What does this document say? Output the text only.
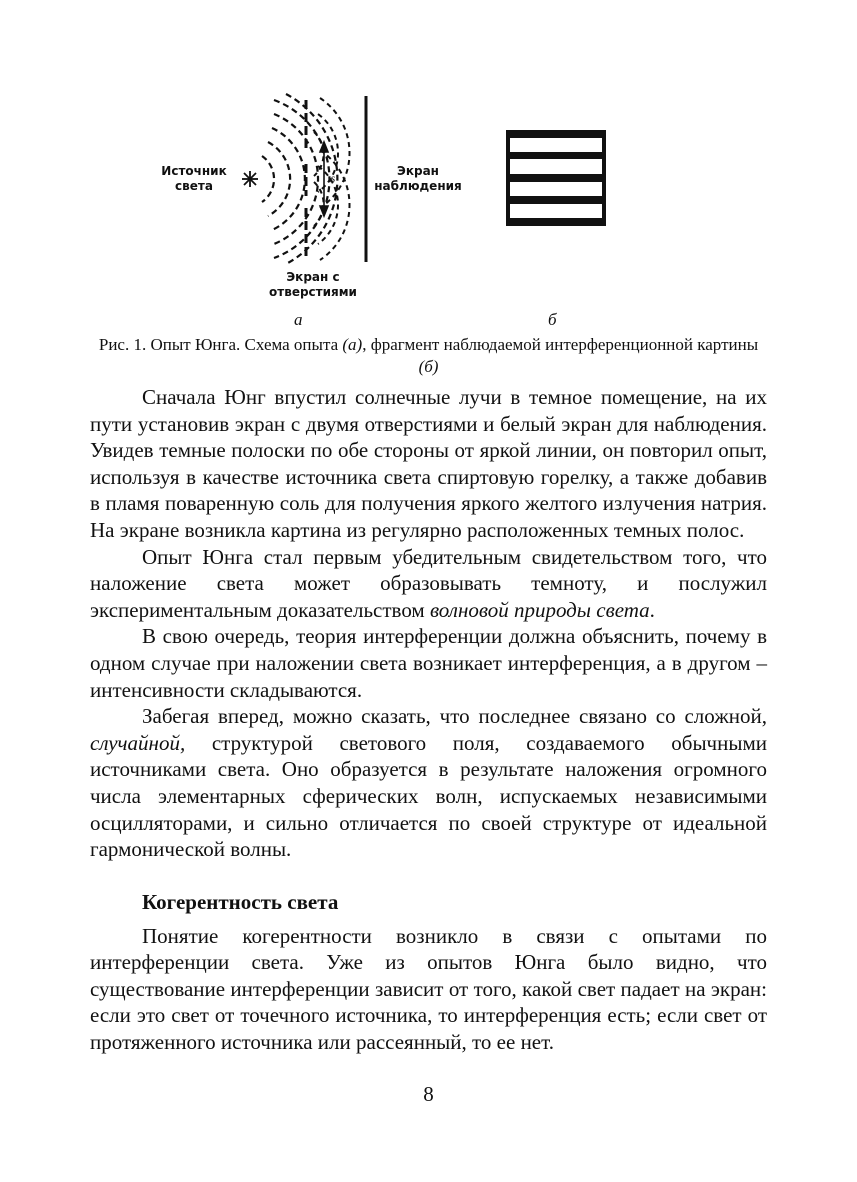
Источник света
Экран наблюдения
Экран с отверстиями
s
а	б
Рис. 1. Опыт Юнга. Схема опыта (а), фрагмент наблюдаемой интерференционной картины (б)

Сначала Юнг впустил солнечные лучи в темное помещение, на их пути установив экран с двумя отверстиями и белый экран для наблюдения. Увидев темные полоски по обе стороны от яркой линии, он повторил опыт, используя в качестве источника света спиртовую горелку, а также добавив в пламя поваренную соль для получения яркого желтого излучения натрия. На экране возникла картина из регулярно расположенных темных полос.

Опыт Юнга стал первым убедительным свидетельством того, что наложение света может образовывать темноту, и послужил экспериментальным доказательством волновой природы света.

В свою очередь, теория интерференции должна объяснить, почему в одном случае при наложении света возникает интерференция, а в другом – интенсивности складываются.

Забегая вперед, можно сказать, что последнее связано со сложной, случайной, структурой светового поля, создаваемого обычными источниками света. Оно образуется в результате наложения огромного числа элементарных сферических волн, испускаемых независимыми осцилляторами, и сильно отличается по своей структуре от идеальной гармонической волны.

Когерентность света

Понятие когерентности возникло в связи с опытами по интерференции света. Уже из опытов Юнга было видно, что существование интерференции зависит от того, какой свет падает на экран: если это свет от точечного источника, то интерференция есть; если свет от протяженного источника или рассеянный, то ее нет.

8
